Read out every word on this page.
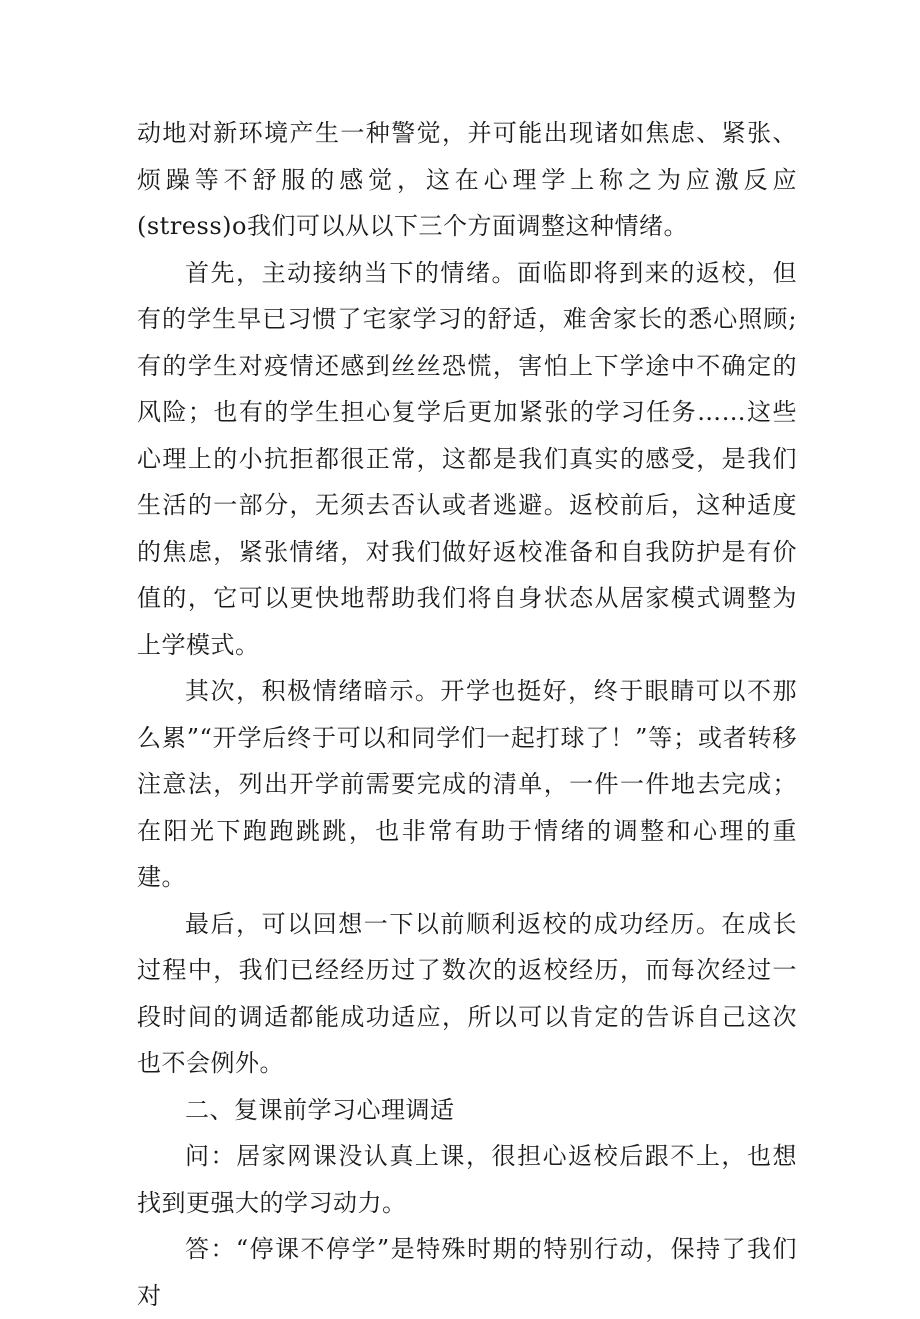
动地对新环境产生一种警觉，并可能出现诸如焦虑、紧张、烦躁等不舒服的感觉，这在心理学上称之为应激反应(stress)o我们可以从以下三个方面调整这种情绪。

首先，主动接纳当下的情绪。面临即将到来的返校，但有的学生早已习惯了宅家学习的舒适，难舍家长的悉心照顾;有的学生对疫情还感到丝丝恐慌，害怕上下学途中不确定的风险；也有的学生担心复学后更加紧张的学习任务……这些心理上的小抗拒都很正常，这都是我们真实的感受，是我们生活的一部分，无须去否认或者逃避。返校前后，这种适度的焦虑，紧张情绪，对我们做好返校准备和自我防护是有价值的，它可以更快地帮助我们将自身状态从居家模式调整为上学模式。

其次，积极情绪暗示。开学也挺好，终于眼睛可以不那么累”“开学后终于可以和同学们一起打球了！”等；或者转移注意法，列出开学前需要完成的清单，一件一件地去完成；在阳光下跑跑跳跳，也非常有助于情绪的调整和心理的重建。

最后，可以回想一下以前顺利返校的成功经历。在成长过程中，我们已经经历过了数次的返校经历，而每次经过一段时间的调适都能成功适应，所以可以肯定的告诉自己这次也不会例外。

二、复课前学习心理调适

问：居家网课没认真上课，很担心返校后跟不上，也想找到更强大的学习动力。

答：“停课不停学”是特殊时期的特别行动，保持了我们对
